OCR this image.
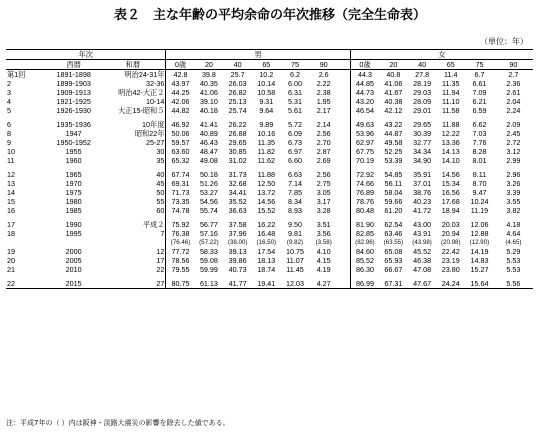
表２　主な年齢の平均余命の年次推移（完全生命表）
（単位：年）
年次			男							女					
	西暦	和暦	0歳	20	40	65	75	90		0歳	20	40	65	75	90
第1回	1891-1898	明治24-31年	42.8	39.8	25.7	10.2	6.2	2.6		44.3	40.8	27.8	11.4	6.7	2.7
2	1899-1903	32-36	43.97	40.35	26.03	10.14	6.00	2.22		44.85	41.06	28.19	11.35	6.61	2.36
3	1909-1913	明治42-大正２	44.25	41.06	26.82	10.58	6.31	2.38		44.73	41.67	29.03	11.94	7.09	2.61
4	1921-1925	10-14	42.06	39.10	25.13	9.31	5.31	1.95		43.20	40.38	28.09	11.10	6.21	2.04
5	1926-1930	大正15-昭和５	44.82	40.18	25.74	9.64	5.61	2.17		46.54	42.12	29.01	11.58	6.59	2.24

6	1935-1936	10年度	46.92	41.41	26.22	9.89	5.72	2.14		49.63	43.22	29.65	11.88	6.62	2.09
8	1947	昭和22年	50.06	40.89	26.88	10.16	6.09	2.56		53.96	44.87	30.39	12.22	7.03	2.45
9	1950-1952	25-27	59.57	46.43	29.65	11.35	6.73	2.70		62.97	49.58	32.77	13.36	7.76	2.72
10	1955	30	63.60	48.47	30.85	11.82	6.97	2.87		67.75	52.25	34.34	14.13	8.28	3.12
11	1960	35	65.32	49.08	31.02	11.62	6.60	2.69		70.19	53.39	34.90	14.10	8.01	2.99

12	1965	40	67.74	50.18	31.73	11.88	6.63	2.56		72.92	54.85	35.91	14.56	8.11	2.96
13	1970	45	69.31	51.26	32.68	12.50	7.14	2.75		74.66	56.11	37.01	15.34	8.70	3.26
14	1975	50	71.73	53.27	34.41	13.72	7.85	3.05		76.89	58.04	38.76	16.56	9.47	3.39
15	1980	55	73.35	54.56	35.52	14.56	8.34	3.17		78.76	59.66	40.23	17.68	10.24	3.55
16	1985	60	74.78	55.74	36.63	15.52	8.93	3.28		80.48	61.20	41.72	18.94	11.19	3.82

17	1990	平成２	75.92	56.77	37.58	16.22	9.50	3.51		81.90	62.54	43.00	20.03	12.06	4.18
18	1995	7	76.38	57.16	37.96	16.48	9.81	3.56		82.85	63.46	43.91	20.94	12.88	4.64
			(76.46)	(57.22)	(38.00)	(16.50)	(9.82)	(3.58)		(82.96)	(63.55)	(43.98)	(20.98)	(12.90)	(4.65)
19	2000	12	77.72	58.33	39.13	17.54	10.75	4.10		84.60	65.08	45.52	22.42	14.19	5.29
20	2005	17	78.56	59.08	39.86	18.13	11.07	4.15		85.52	65.93	46.38	23.19	14.83	5.53
21	2010	22	79.55	59.99	40.73	18.74	11.45	4.19		86.30	66.67	47.08	23.80	15.27	5.53

22	2015	27	80.75	61.13	41.77	19.41	12.03	4.27		86.99	67.31	47.67	24.24	15.64	5.56
注：平成7年の（ ）内は阪神・淡路大震災の影響を除去した値である。
